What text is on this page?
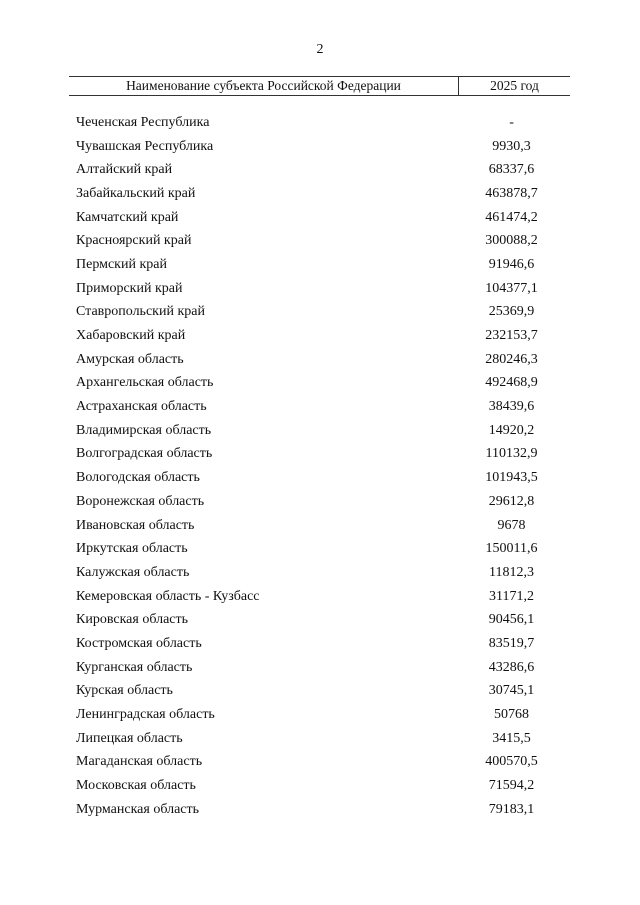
2
Наименование субъекта Российской Федерации	2025 год
Чеченская Республика	-
Чувашская Республика	9930,3
Алтайский край	68337,6
Забайкальский край	463878,7
Камчатский край	461474,2
Красноярский край	300088,2
Пермский край	91946,6
Приморский край	104377,1
Ставропольский край	25369,9
Хабаровский край	232153,7
Амурская область	280246,3
Архангельская область	492468,9
Астраханская область	38439,6
Владимирская область	14920,2
Волгоградская область	110132,9
Вологодская область	101943,5
Воронежская область	29612,8
Ивановская область	9678
Иркутская область	150011,6
Калужская область	11812,3
Кемеровская область - Кузбасс	31171,2
Кировская область	90456,1
Костромская область	83519,7
Курганская область	43286,6
Курская область	30745,1
Ленинградская область	50768
Липецкая область	3415,5
Магаданская область	400570,5
Московская область	71594,2
Мурманская область	79183,1
